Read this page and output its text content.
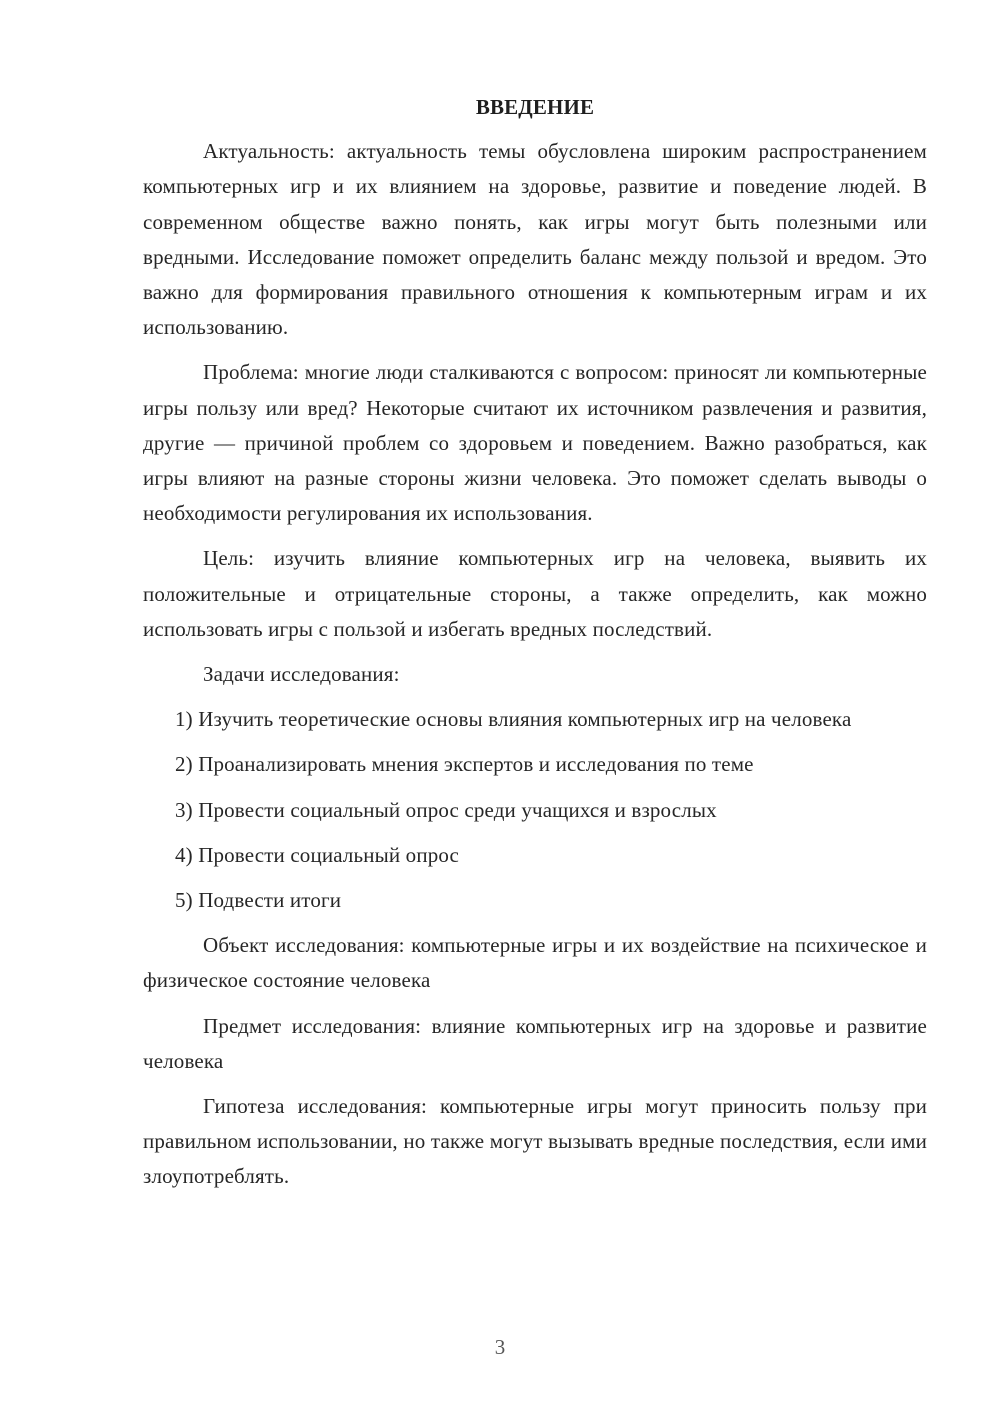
ВВЕДЕНИЕ

Актуальность: актуальность темы обусловлена широким распространением компьютерных игр и их влиянием на здоровье, развитие и поведение людей. В современном обществе важно понять, как игры могут быть полезными или вредными. Исследование поможет определить баланс между пользой и вредом. Это важно для формирования правильного отношения к компьютерным играм и их использованию.

Проблема: многие люди сталкиваются с вопросом: приносят ли компьютерные игры пользу или вред? Некоторые считают их источником развлечения и развития, другие — причиной проблем со здоровьем и поведением. Важно разобраться, как игры влияют на разные стороны жизни человека. Это поможет сделать выводы о необходимости регулирования их использования.

Цель: изучить влияние компьютерных игр на человека, выявить их положительные и отрицательные стороны, а также определить, как можно использовать игры с пользой и избегать вредных последствий.

Задачи исследования:

1) Изучить теоретические основы влияния компьютерных игр на человека

2) Проанализировать мнения экспертов и исследования по теме

3) Провести социальный опрос среди учащихся и взрослых

4) Провести социальный опрос

5) Подвести итоги

Объект исследования: компьютерные игры и их воздействие на психическое и физическое состояние человека

Предмет исследования: влияние компьютерных игр на здоровье и развитие человека

Гипотеза исследования: компьютерные игры могут приносить пользу при правильном использовании, но также могут вызывать вредные последствия, если ими злоупотреблять.

3
